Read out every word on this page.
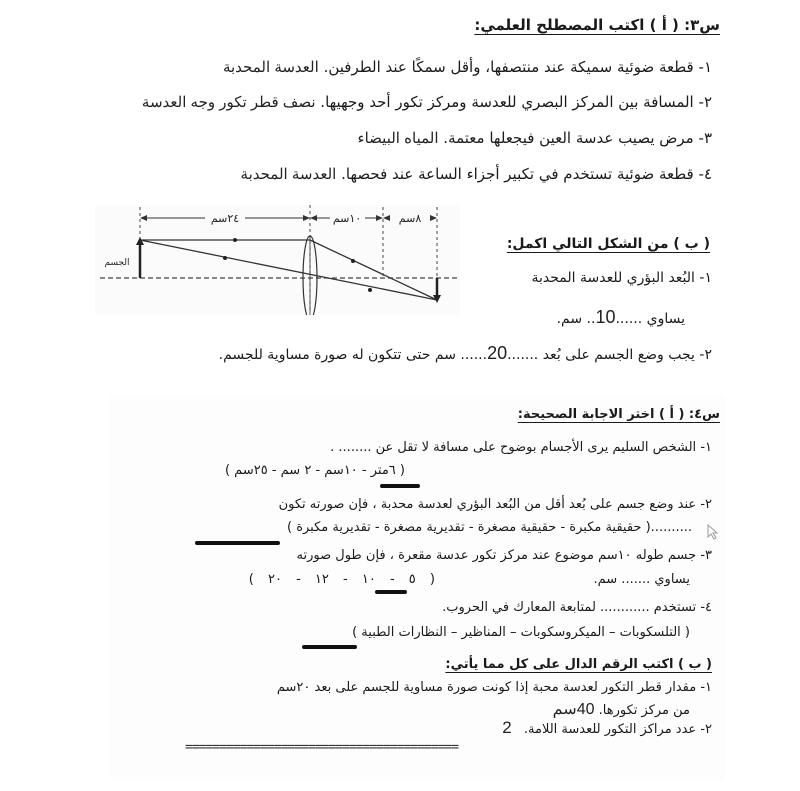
س٣: ( أ ) اكتب المصطلح العلمي:
١- قطعة ضوئية سميكة عند منتصفها، وأقل سمكًا عند الطرفين. العدسة المحدبة
٢- المسافة بين المركز البصري للعدسة ومركز تكور أحد وجهيها. نصف قطر تكور وجه العدسة
٣- مرض يصيب عدسة العين فيجعلها معتمة. المياه البيضاء
٤- قطعة ضوئية تستخدم في تكبير أجزاء الساعة عند فحصها. العدسة المحدبة
٢٤سم	١٠سم	٨سم
الجسم
( ب ) من الشكل التالي اكمل:
١- البُعد البؤري للعدسة المحدبة
يساوي ......10.. سم.
٢- يجب وضع الجسم على بُعد .......20...... سم حتى تتكون له صورة مساوية للجسم.
س٤: ( أ ) اختر الاجابة الصحيحة:
١- الشخص السليم يرى الأجسام بوضوح على مسافة لا تقل عن ........ .
( ٦متر - ١٠سم - ٢ سم - ٢٥سم )
٢- عند وضع جسم على بُعد أقل من البُعد البؤري لعدسة محدبة ، فإن صورته تكون
..........( حقيقية مكبرة - حقيقية مصغرة - تقديرية مصغرة - تقديرية مكبرة )
٣- جسم طوله ١٠سم موضوع عند مركز تكور عدسة مقعرة ، فإن طول صورته
يساوي ....... سم.
( ٥ - ١٠ - ١٢ - ٢٠ )
٤- تستخدم ............ لمتابعة المعارك في الحروب.
( التلسكوبات – الميكروسكوبات – المناظير – النظارات الطبية )
( ب ) اكتب الرقم الدال على كل مما يأتي:
١- مقدار قطر التكور لعدسة محبة إذا كونت صورة مساوية للجسم على بعد ٢٠سم
من مركز تكورها. 40سم
٢- عدد مراكز التكور للعدسة اللامة. 2
========================================
